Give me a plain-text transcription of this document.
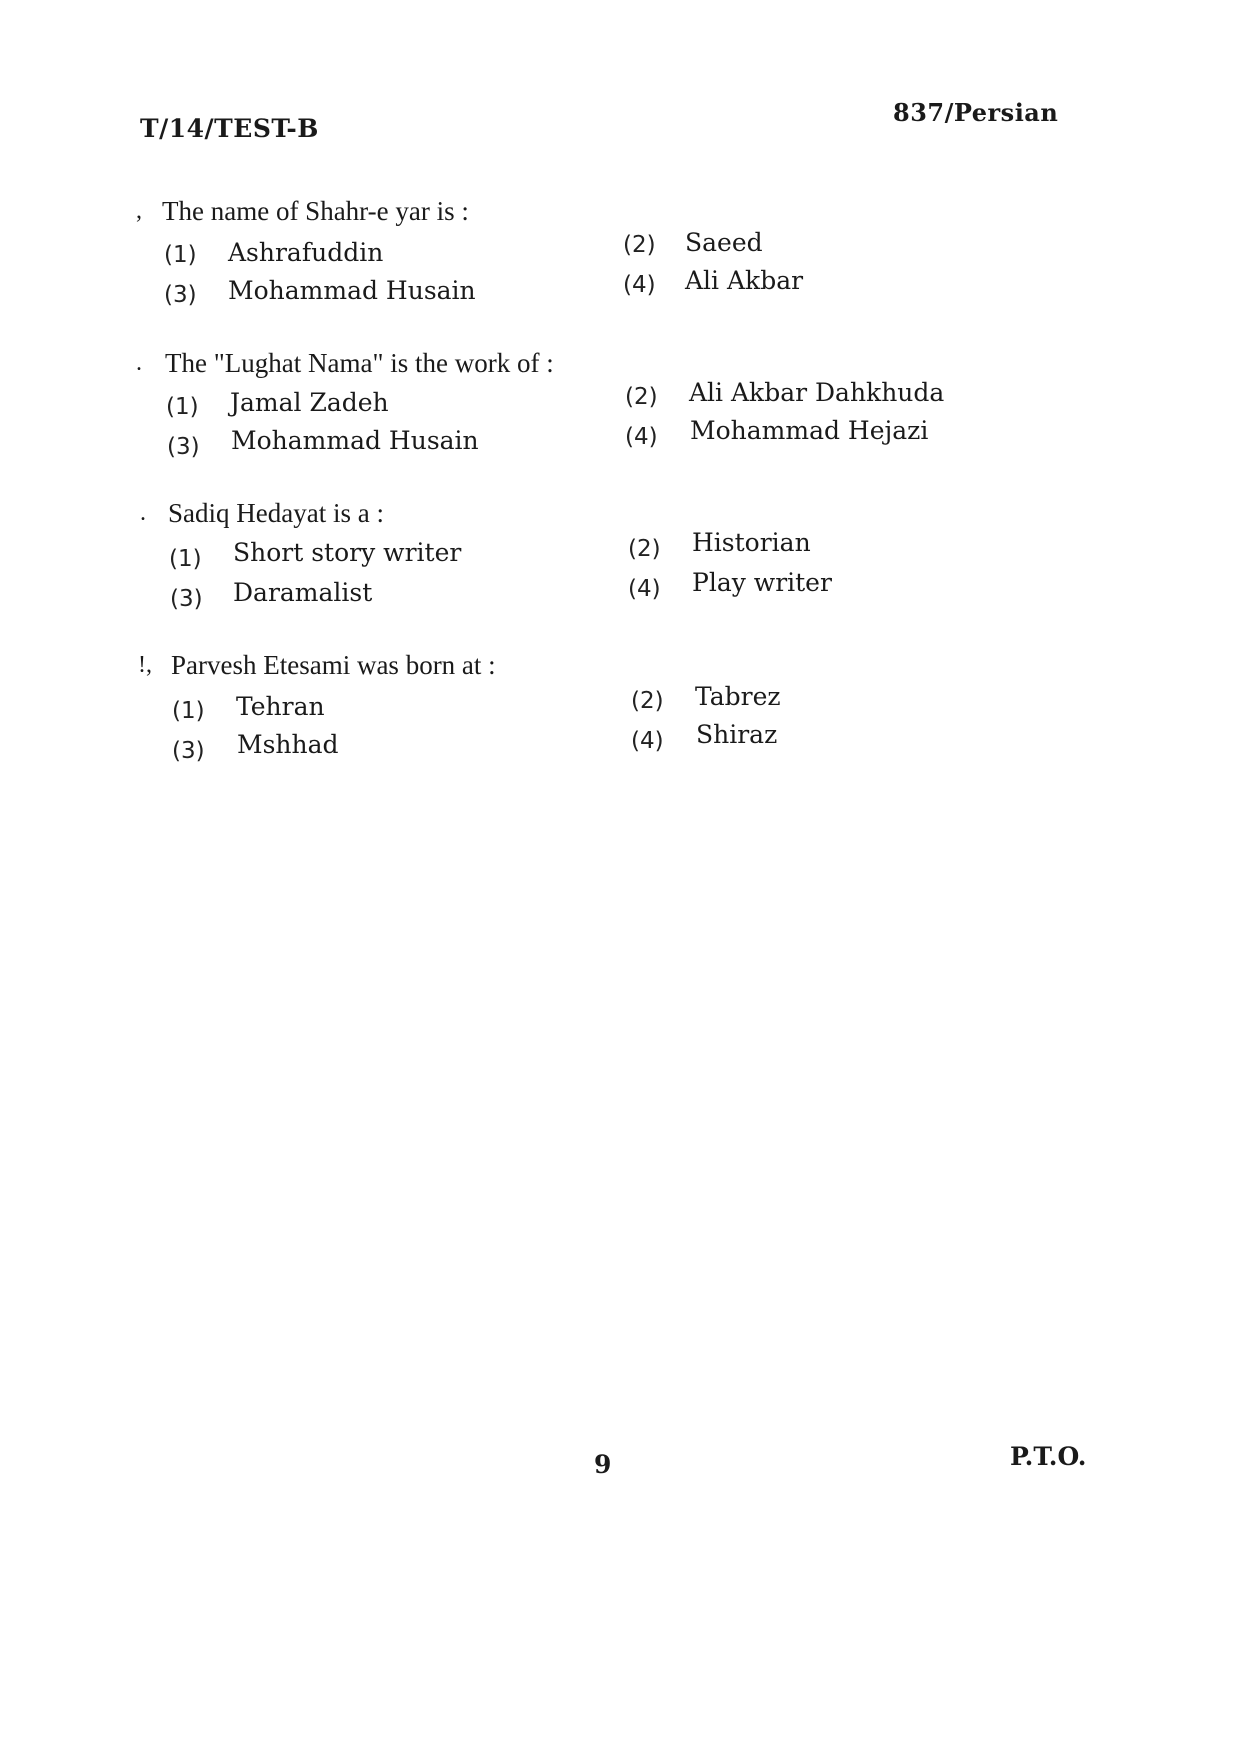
T/14/TEST-B
837/Persian
, The name of Shahr-e yar is :
(1) Ashrafuddin	(2) Saeed
(3) Mohammad Husain	(4) Ali Akbar
. The "Lughat Nama" is the work of :
(1) Jamal Zadeh	(2) Ali Akbar Dahkhuda
(3) Mohammad Husain	(4) Mohammad Hejazi
. Sadiq Hedayat is a :
(1) Short story writer	(2) Historian
(3) Daramalist	(4) Play writer
!, Parvesh Etesami was born at :
(1) Tehran	(2) Tabrez
(3) Mshhad	(4) Shiraz
9	P.T.O.
